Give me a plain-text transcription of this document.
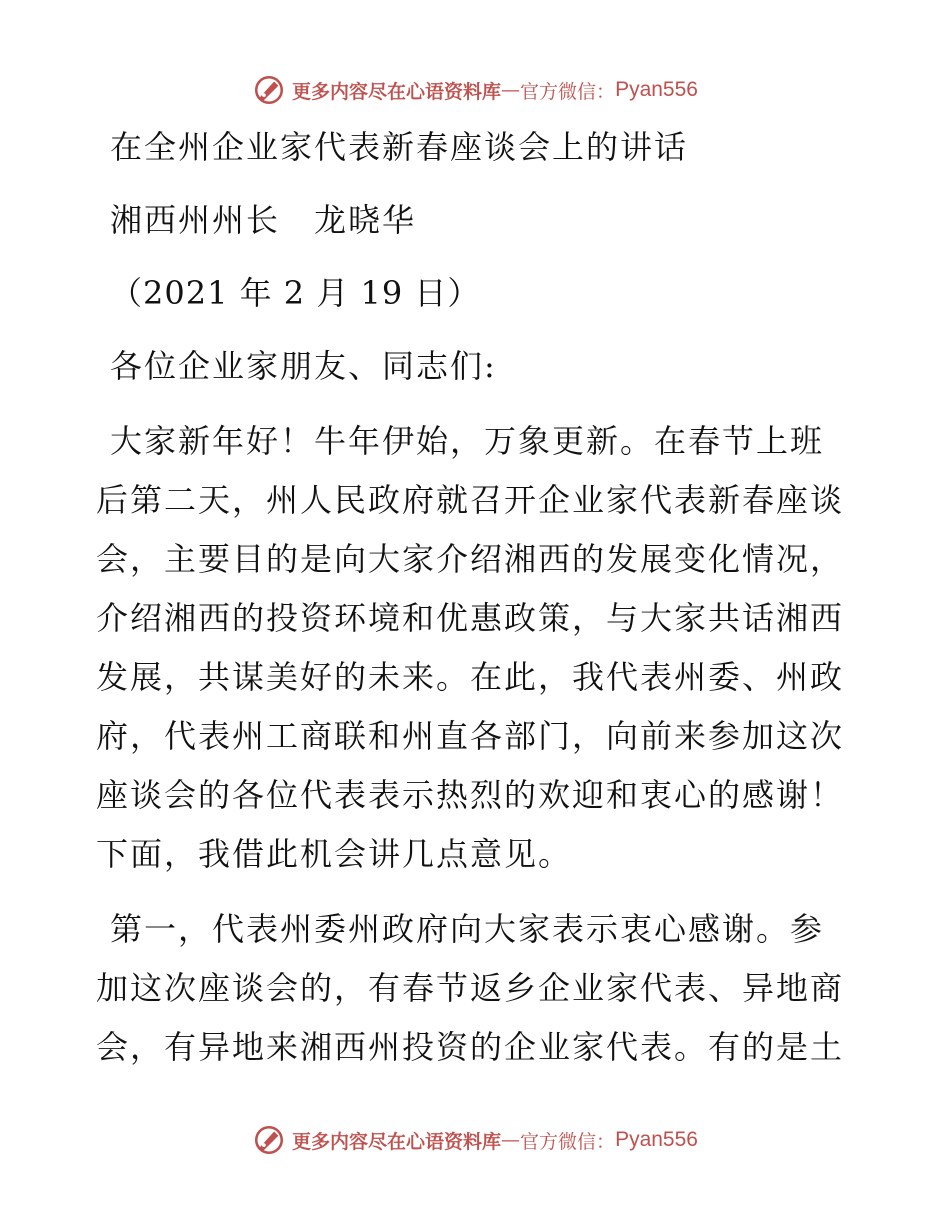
更多内容尽在心语资料库 — 官方微信： Pyan556

在全州企业家代表新春座谈会上的讲话

湘西州州长　龙晓华

（2021 年 2 月 19 日）

各位企业家朋友、同志们:

大家新年好！牛年伊始，万象更新。在春节上班后第二天，州人民政府就召开企业家代表新春座谈会，主要目的是向大家介绍湘西的发展变化情况，介绍湘西的投资环境和优惠政策，与大家共话湘西发展，共谋美好的未来。在此，我代表州委、州政府，代表州工商联和州直各部门，向前来参加这次座谈会的各位代表表示热烈的欢迎和衷心的感谢！下面，我借此机会讲几点意见。

第一，代表州委州政府向大家表示衷心感谢。参加这次座谈会的，有春节返乡企业家代表、异地商会，有异地来湘西州投资的企业家代表。有的是土

更多内容尽在心语资料库 — 官方微信： Pyan556
